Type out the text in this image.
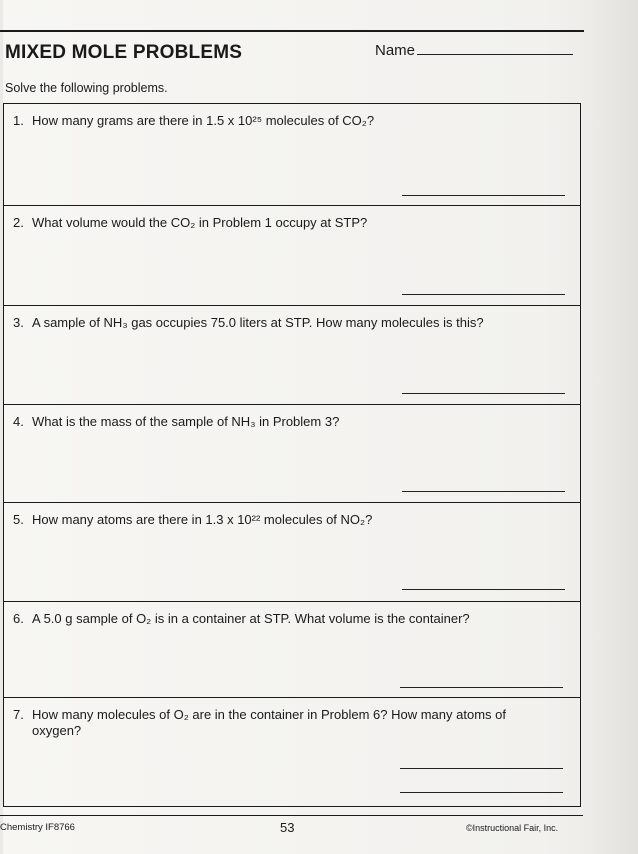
MIXED MOLE PROBLEMS	Name
Solve the following problems.
1. How many grams are there in 1.5 x 10²⁵ molecules of CO₂?
2. What volume would the CO₂ in Problem 1 occupy at STP?
3. A sample of NH₃ gas occupies 75.0 liters at STP. How many molecules is this?
4. What is the mass of the sample of NH₃ in Problem 3?
5. How many atoms are there in 1.3 x 10²² molecules of NO₂?
6. A 5.0 g sample of O₂ is in a container at STP. What volume is the container?
7. How many molecules of O₂ are in the container in Problem 6? How many atoms of oxygen?
Chemistry IF8766	53	©Instructional Fair, Inc.
